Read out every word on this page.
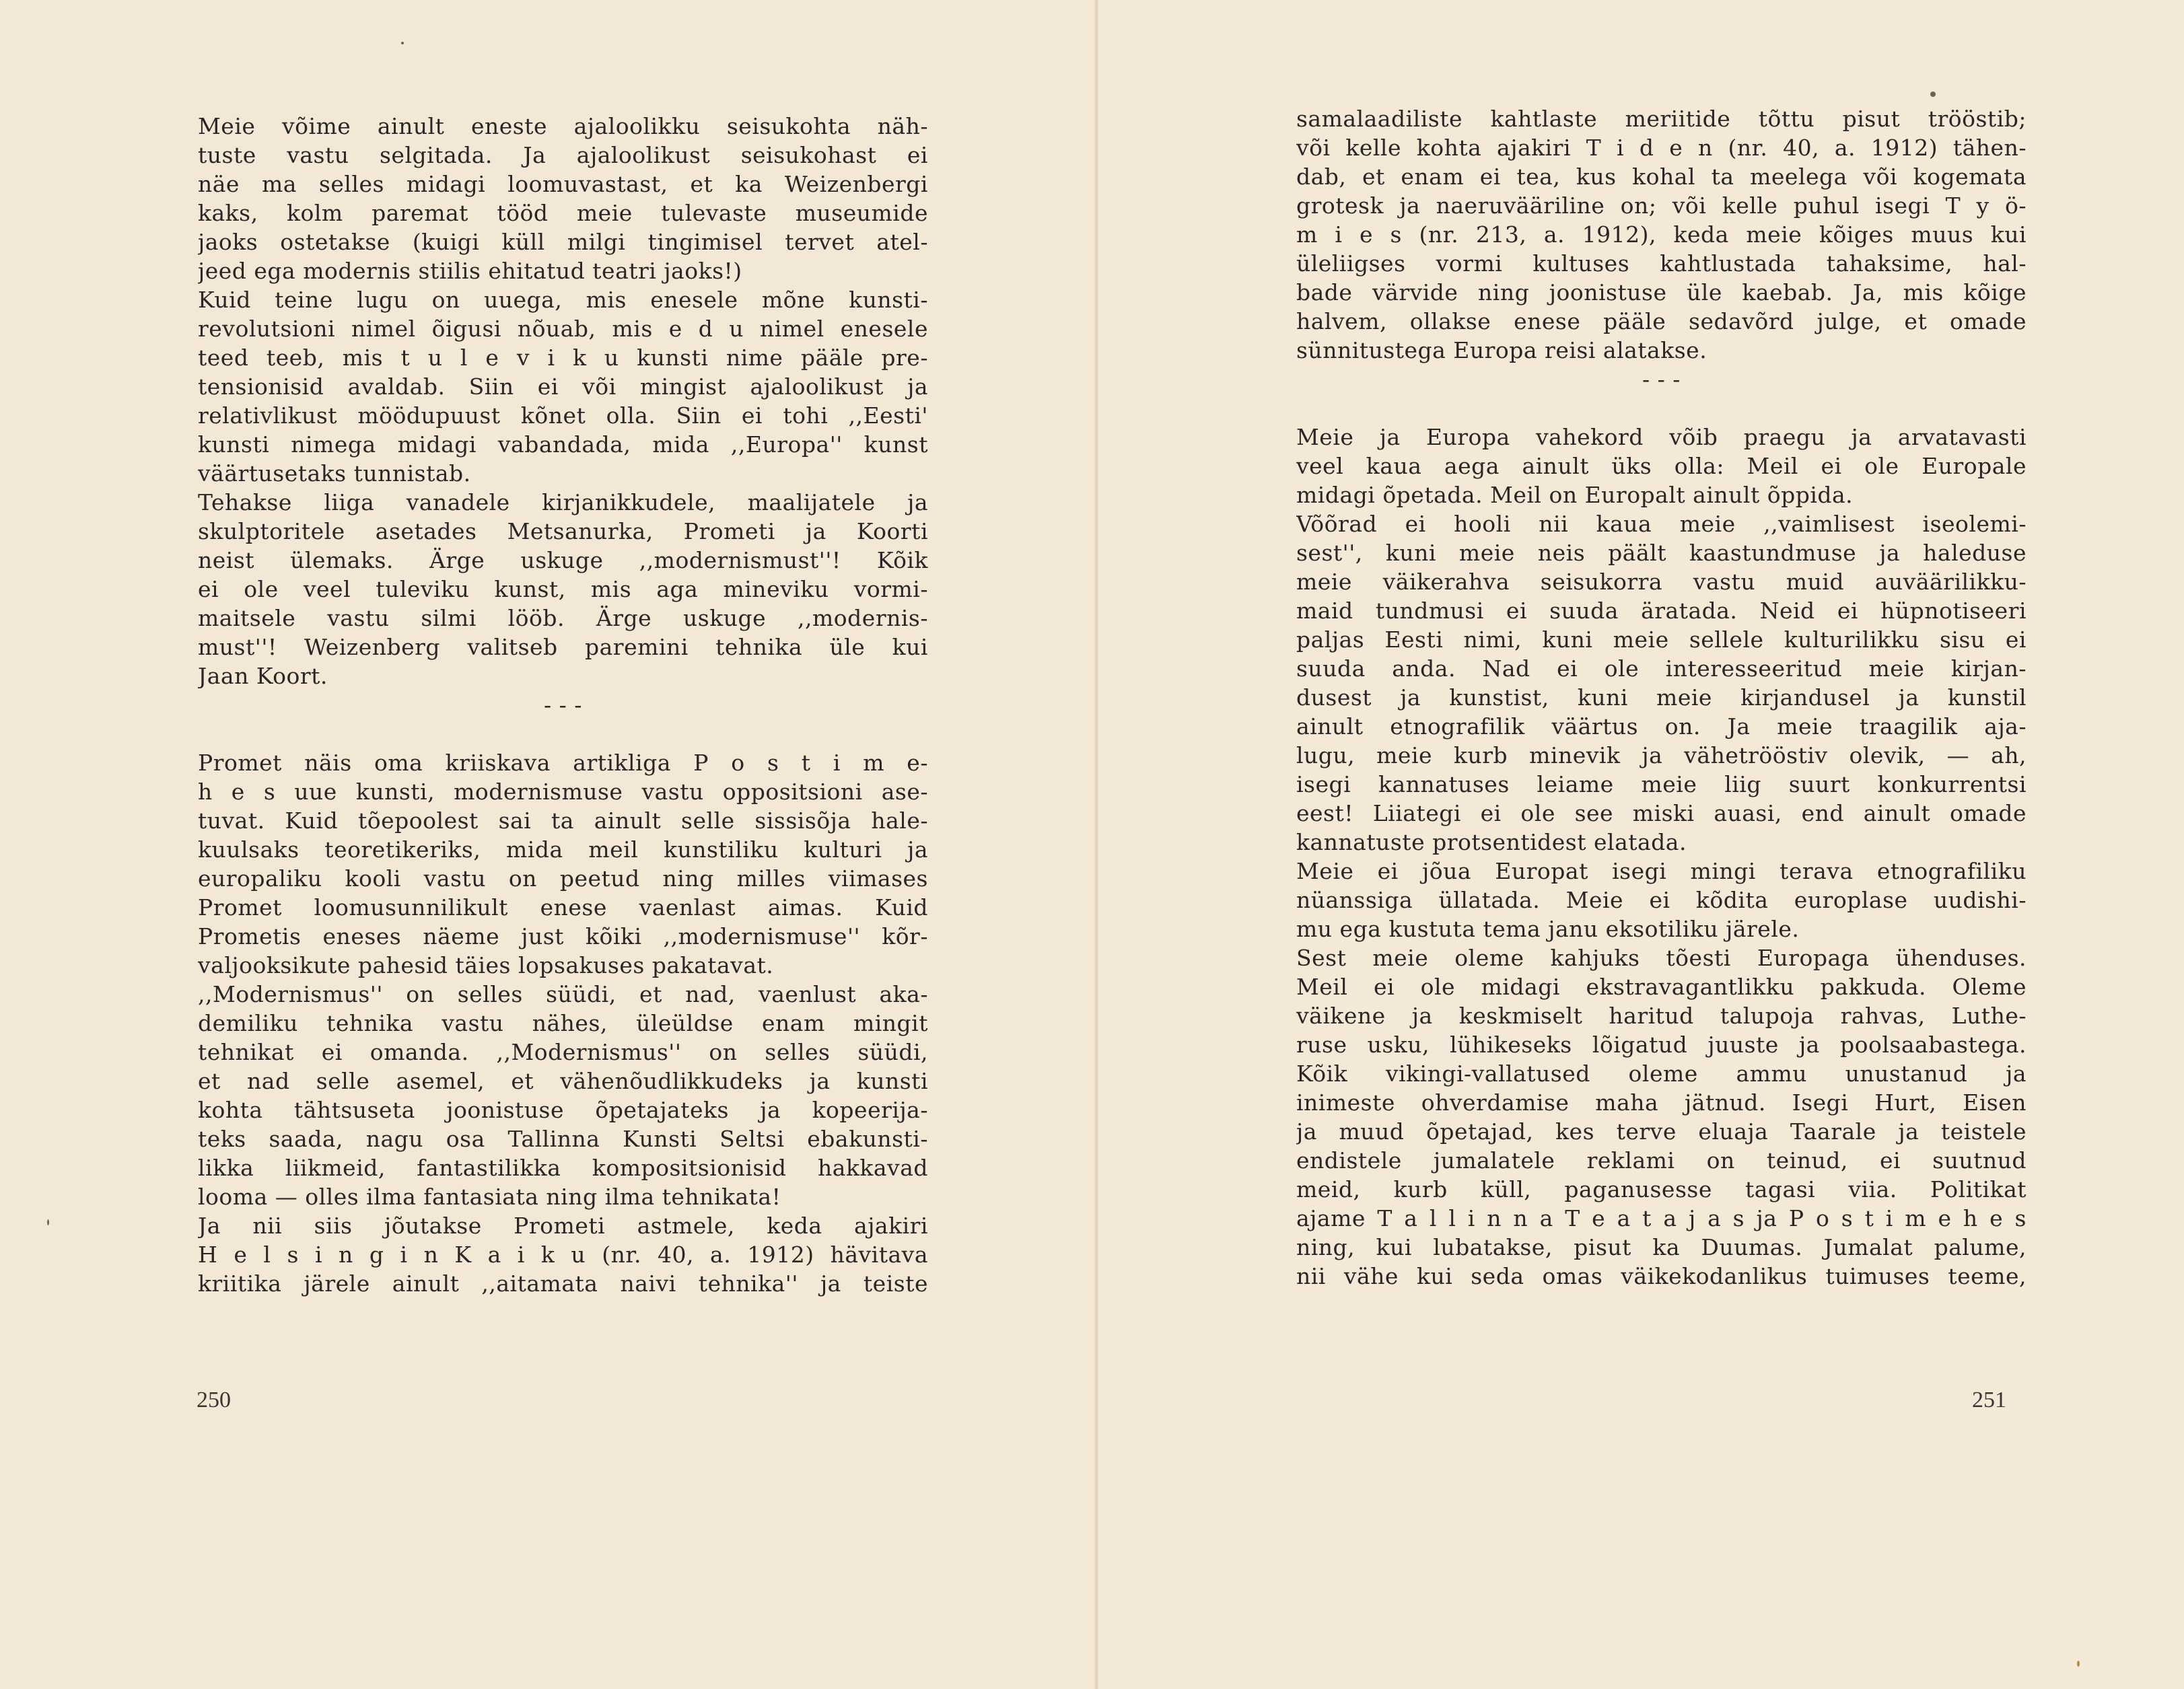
Meie võime ainult eneste ajaloolikku seisukohta näh-
tuste vastu selgitada. Ja ajaloolikust seisukohast ei
näe ma selles midagi loomuvastast, et ka Weizenbergi
kaks, kolm paremat tööd meie tulevaste museumide
jaoks ostetakse (kuigi küll milgi tingimisel tervet atel-
jeed ega modernis stiilis ehitatud teatri jaoks!)
Kuid teine lugu on uuega, mis enesele mõne kunsti-
revolutsioni nimel õigusi nõuab, mis e d u nimel enesele
teed teeb, mis t u l e v i k u kunsti nime pääle pre-
tensionisid avaldab. Siin ei või mingist ajaloolikust ja
relativlikust möödupuust kõnet olla. Siin ei tohi ,,Eesti'
kunsti nimega midagi vabandada, mida ,,Europa'' kunst
väärtusetaks tunnistab.
Tehakse liiga vanadele kirjanikkudele, maalijatele ja
skulptoritele asetades Metsanurka, Prometi ja Koorti
neist ülemaks. Ärge uskuge ,,modernismust''! Kõik
ei ole veel tuleviku kunst, mis aga mineviku vormi-
maitsele vastu silmi lööb. Ärge uskuge ,,modernis-
must''! Weizenberg valitseb paremini tehnika üle kui
Jaan Koort.
- - -
Promet näis oma kriiskava artikliga P o s t i m e-
h e s uue kunsti, modernismuse vastu oppositsioni ase-
tuvat. Kuid tõepoolest sai ta ainult selle sissisõja hale-
kuulsaks teoretikeriks, mida meil kunstiliku kulturi ja
europaliku kooli vastu on peetud ning milles viimases
Promet loomusunnilikult enese vaenlast aimas. Kuid
Prometis eneses näeme just kõiki ,,modernismuse'' kõr-
valjooksikute pahesid täies lopsakuses pakatavat.
,,Modernismus'' on selles süüdi, et nad, vaenlust aka-
demiliku tehnika vastu nähes, üleüldse enam mingit
tehnikat ei omanda. ,,Modernismus'' on selles süüdi,
et nad selle asemel, et vähenõudlikkudeks ja kunsti
kohta tähtsuseta joonistuse õpetajateks ja kopeerija-
teks saada, nagu osa Tallinna Kunsti Seltsi ebakunsti-
likka liikmeid, fantastilikka kompositsionisid hakkavad
looma — olles ilma fantasiata ning ilma tehnikata!
Ja nii siis jõutakse Prometi astmele, keda ajakiri
H e l s i n g i n K a i k u (nr. 40, a. 1912) hävitava
kriitika järele ainult ,,aitamata naivi tehnika'' ja teiste
250	251
samalaadiliste kahtlaste meriitide tõttu pisut trööstib;
või kelle kohta ajakiri T i d e n (nr. 40, a. 1912) tähen-
dab, et enam ei tea, kus kohal ta meelega või kogemata
grotesk ja naeruvääriline on; või kelle puhul isegi T y ö-
m i e s (nr. 213, a. 1912), keda meie kõiges muus kui
üleliigses vormi kultuses kahtlustada tahaksime, hal-
bade värvide ning joonistuse üle kaebab. Ja, mis kõige
halvem, ollakse enese pääle sedavõrd julge, et omade
sünnitustega Europa reisi alatakse.
- - -
Meie ja Europa vahekord võib praegu ja arvatavasti
veel kaua aega ainult üks olla: Meil ei ole Europale
midagi õpetada. Meil on Europalt ainult õppida.
Võõrad ei hooli nii kaua meie ,,vaimlisest iseolemi-
sest'', kuni meie neis päält kaastundmuse ja haleduse
meie väikerahva seisukorra vastu muid auväärilikku-
maid tundmusi ei suuda äratada. Neid ei hüpnotiseeri
paljas Eesti nimi, kuni meie sellele kulturilikku sisu ei
suuda anda. Nad ei ole interesseeritud meie kirjan-
dusest ja kunstist, kuni meie kirjandusel ja kunstil
ainult etnografilik väärtus on. Ja meie traagilik aja-
lugu, meie kurb minevik ja vähetrööstiv olevik, — ah,
isegi kannatuses leiame meie liig suurt konkurrentsi
eest! Liiategi ei ole see miski auasi, end ainult omade
kannatuste protsentidest elatada.
Meie ei jõua Europat isegi mingi terava etnografiliku
nüanssiga üllatada. Meie ei kõdita europlase uudishi-
mu ega kustuta tema janu eksotiliku järele.
Sest meie oleme kahjuks tõesti Europaga ühenduses.
Meil ei ole midagi ekstravagantlikku pakkuda. Oleme
väikene ja keskmiselt haritud talupoja rahvas, Luthe-
ruse usku, lühikeseks lõigatud juuste ja poolsaabastega.
Kõik vikingi-vallatused oleme ammu unustanud ja
inimeste ohverdamise maha jätnud. Isegi Hurt, Eisen
ja muud õpetajad, kes terve eluaja Taarale ja teistele
endistele jumalatele reklami on teinud, ei suutnud
meid, kurb küll, paganusesse tagasi viia. Politikat
ajame T a l l i n n a T e a t a j a s ja P o s t i m e h e s
ning, kui lubatakse, pisut ka Duumas. Jumalat palume,
nii vähe kui seda omas väikekodanlikus tuimuses teeme,
